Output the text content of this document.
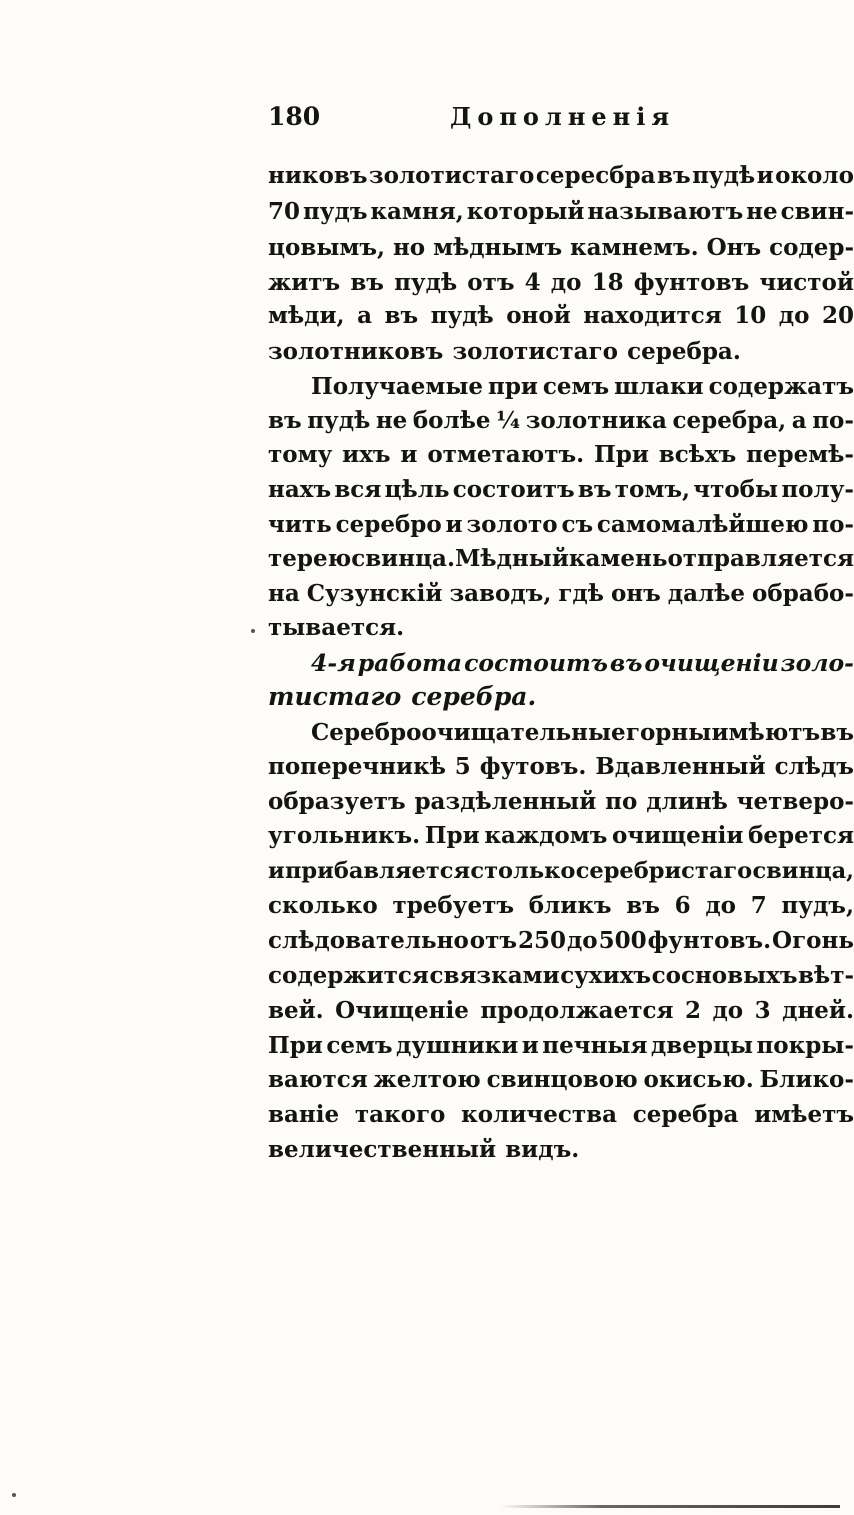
180	Дополненія
никовъ золотистаго сересбра въ пудѣ и около
70 пудъ камня, который называютъ не свин-
цовымъ, но мѣднымъ камнемъ. Онъ содер-
житъ въ пудѣ отъ 4 до 18 фунтовъ чистой
мѣди, а въ пудѣ оной находится 10 до 20
золотниковъ золотистаго серебра.
Получаемые при семъ шлаки содержатъ
въ пудѣ не болѣе ¼ золотника серебра, а по-
тому ихъ и отметаютъ. При всѣхъ перемѣ-
нахъ вся цѣль состоитъ въ томъ, чтобы полу-
чить серебро и золото съ самомалѣйшею по-
терею свинца. Мѣдный камень отправляется
на Сузунскій заводъ, гдѣ онъ далѣе обрабо-
тывается.
4-я работа состоитъ въ очищеніи золо-
тистаго серебра.
Сереброочищательные горны имѣютъ въ
поперечникѣ 5 футовъ. Вдавленный слѣдъ
образуетъ раздѣленный по длинѣ четверо-
угольникъ. При каждомъ очищеніи берется
и прибавляется столько серебристаго свинца,
сколько требуетъ бликъ въ 6 до 7 пудъ,
слѣдовательно отъ 250 до 500 фунтовъ. Огонь
содержится связками сухихъ сосновыхъ вѣт-
вей. Очищеніе продолжается 2 до 3 дней.
При семъ душники и печныя дверцы покры-
ваются желтою свинцовою окисью. Блико-
ваніе такого количества серебра имѣетъ
величественный видъ.
